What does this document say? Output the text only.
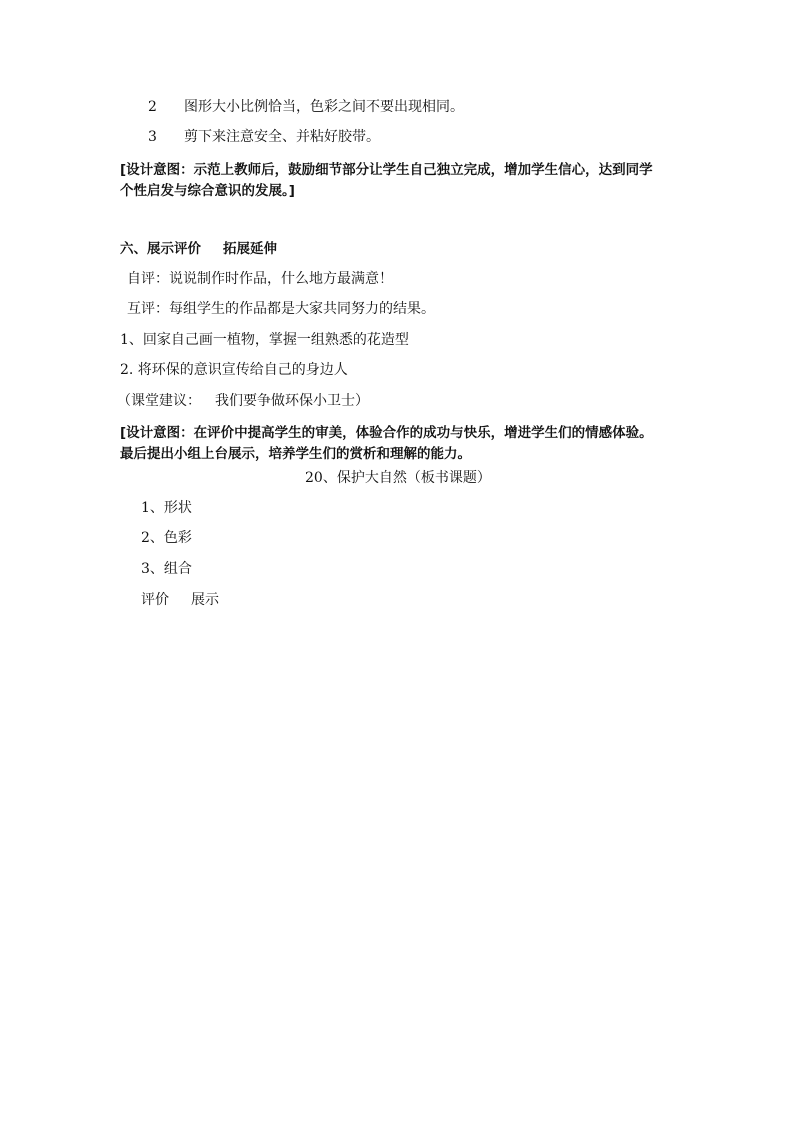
2 图形大小比例恰当，色彩之间不要出现相同。
3 剪下来注意安全、并粘好胶带。
[设计意图：示范上教师后，鼓励细节部分让学生自己独立完成，增加学生信心，达到同学
个性启发与综合意识的发展。]
六、展示评价 拓展延伸
自评：说说制作时作品，什么地方最满意！
互评：每组学生的作品都是大家共同努力的结果。
1、回家自己画一植物，掌握一组熟悉的花造型
2. 将环保的意识宣传给自己的身边人
（课堂建议： 我们要争做环保小卫士）
[设计意图：在评价中提高学生的审美，体验合作的成功与快乐，增进学生们的情感体验。
最后提出小组上台展示，培养学生们的赏析和理解的能力。
20、保护大自然（板书课题）
1、形状
2、色彩
3、组合
评价 展示
